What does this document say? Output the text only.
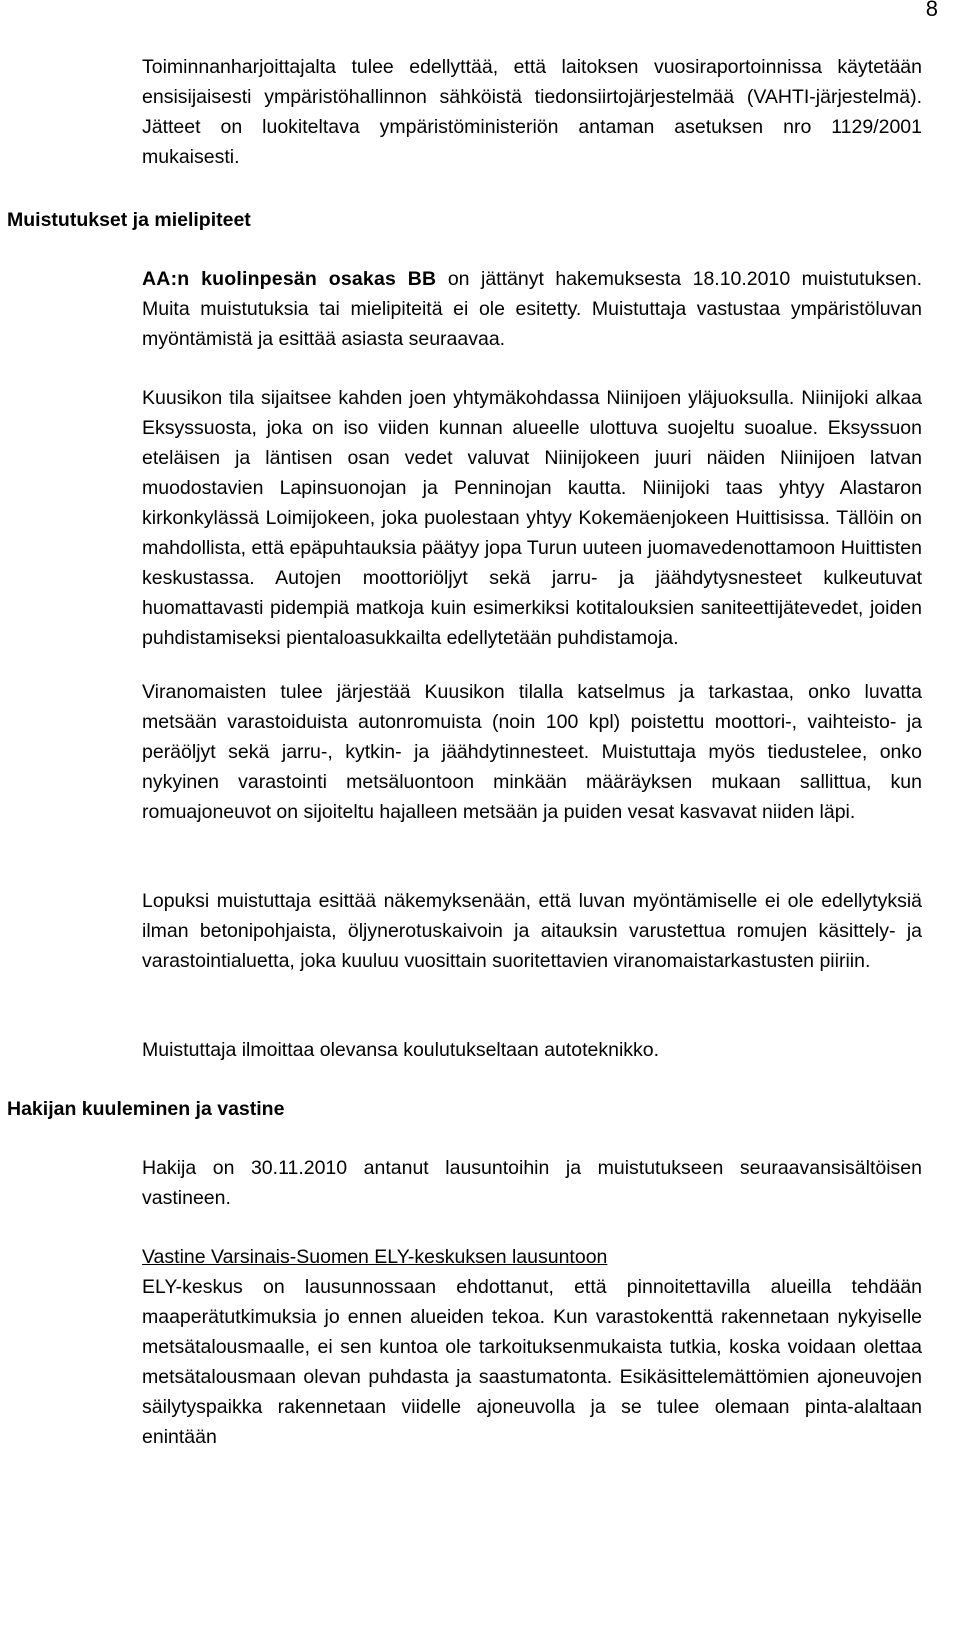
8

Toiminnanharjoittajalta tulee edellyttää, että laitoksen vuosiraportoinnissa käytetään ensisijaisesti ympäristöhallinnon sähköistä tiedonsiirtojärjestelmää (VAHTI-järjestelmä). Jätteet on luokiteltava ympäristöministeriön antaman asetuksen nro 1129/2001 mukaisesti.

Muistutukset ja mielipiteet

AA:n kuolinpesän osakas BB on jättänyt hakemuksesta 18.10.2010 muistutuksen. Muita muistutuksia tai mielipiteitä ei ole esitetty. Muistuttaja vastustaa ympäristöluvan myöntämistä ja esittää asiasta seuraavaa.

Kuusikon tila sijaitsee kahden joen yhtymäkohdassa Niinijoen yläjuoksulla. Niinijoki alkaa Eksyssuosta, joka on iso viiden kunnan alueelle ulottuva suojeltu suoalue. Eksyssuon eteläisen ja läntisen osan vedet valuvat Niinijokeen juuri näiden Niinijoen latvan muodostavien Lapinsuonojan ja Penninojan kautta. Niinijoki taas yhtyy Alastaron kirkonkylässä Loimijokeen, joka puolestaan yhtyy Kokemäenjokeen Huittisissa. Tällöin on mahdollista, että epäpuhtauksia päätyy jopa Turun uuteen juomavedenottamoon Huittisten keskustassa. Autojen moottoriöljyt sekä jarru- ja jäähdytysnesteet kulkeutuvat huomattavasti pidempiä matkoja kuin esimerkiksi kotitalouksien saniteettijätevedet, joiden puhdistamiseksi pientaloasukkailta edellytetään puhdistamoja.

Viranomaisten tulee järjestää Kuusikon tilalla katselmus ja tarkastaa, onko luvatta metsään varastoiduista autonromuista (noin 100 kpl) poistettu moottori-, vaihteisto- ja peräöljyt sekä jarru-, kytkin- ja jäähdytinnesteet. Muistuttaja myös tiedustelee, onko nykyinen varastointi metsäluontoon minkään määräyksen mukaan sallittua, kun romuajoneuvot on sijoiteltu hajalleen metsään ja puiden vesat kasvavat niiden läpi.

Lopuksi muistuttaja esittää näkemyksenään, että luvan myöntämiselle ei ole edellytyksiä ilman betonipohjaista, öljynerotuskaivoin ja aitauksin varustettua romujen käsittely- ja varastointialuetta, joka kuuluu vuosittain suoritettavien viranomaistarkastusten piiriin.

Muistuttaja ilmoittaa olevansa koulutukseltaan autoteknikko.

Hakijan kuuleminen ja vastine

Hakija on 30.11.2010 antanut lausuntoihin ja muistutukseen seuraavansisältöisen vastineen.

Vastine Varsinais-Suomen ELY-keskuksen lausuntoon

ELY-keskus on lausunnossaan ehdottanut, että pinnoitettavilla alueilla tehdään maaperätutkimuksia jo ennen alueiden tekoa. Kun varastokenttä rakennetaan nykyiselle metsätalousmaalle, ei sen kuntoa ole tarkoituksenmukaista tutkia, koska voidaan olettaa metsätalousmaan olevan puhdasta ja saastumatonta. Esikäsittelemättömien ajoneuvojen säilytyspaikka rakennetaan viidelle ajoneuvolla ja se tulee olemaan pinta-alaltaan enintään
